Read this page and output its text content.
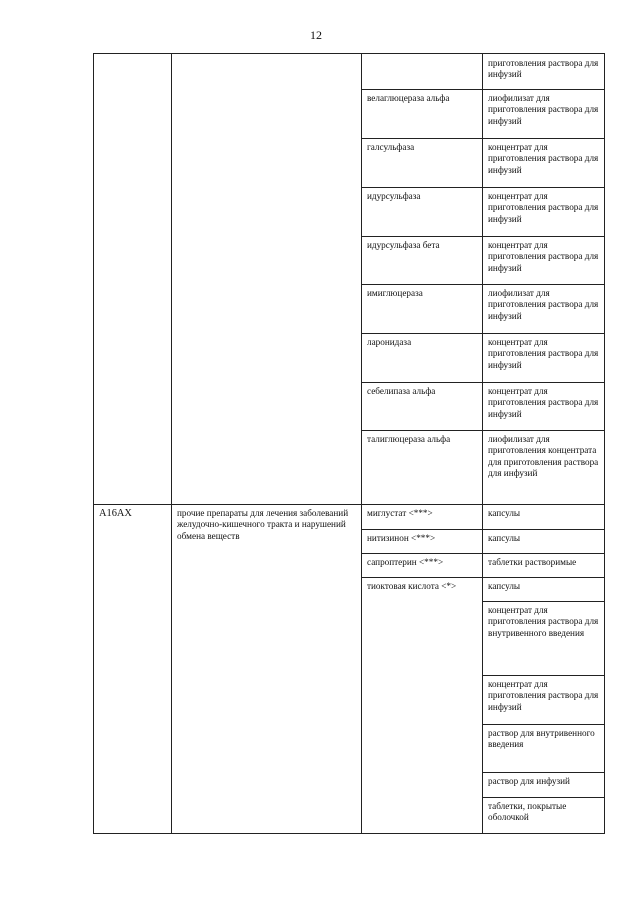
12
			приготовления раствора для инфузий
		велаглюцераза альфа	лиофилизат для приготовления раствора для инфузий
		галсульфаза	концентрат для приготовления раствора для инфузий
		идурсульфаза	концентрат для приготовления раствора для инфузий
		идурсульфаза бета	концентрат для приготовления раствора для инфузий
		имиглюцераза	лиофилизат для приготовления раствора для инфузий
		ларонидаза	концентрат для приготовления раствора для инфузий
		себелипаза альфа	концентрат для приготовления раствора для инфузий
		талиглюцераза альфа	лиофилизат для приготовления концентрата для приготовления раствора для инфузий
A16AX	прочие препараты для лечения заболеваний желудочно-кишечного тракта и нарушений обмена веществ	миглустат <***>	капсулы
		нитизинон <***>	капсулы
		сапроптерин <***>	таблетки растворимые
		тиоктовая кислота <*>	капсулы
			концентрат для приготовления раствора для внутривенного введения
			концентрат для приготовления раствора для инфузий
			раствор для внутривенного введения
			раствор для инфузий
			таблетки, покрытые оболочкой
